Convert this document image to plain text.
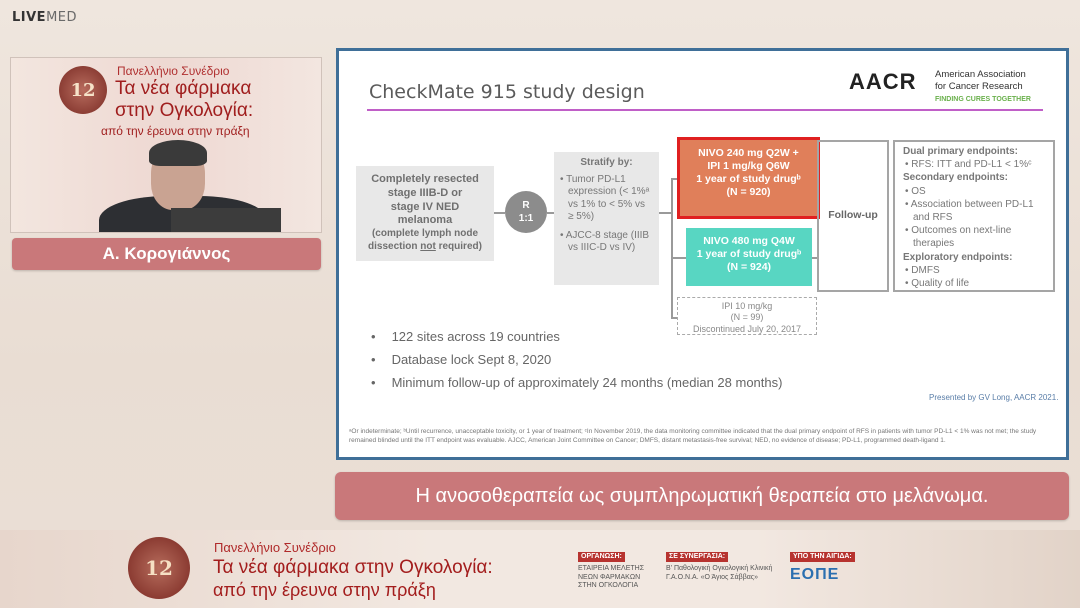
LIVEMED
12
Πανελλήνιο Συνέδριο
Τα νέα φάρμακα
στην Ογκολογία:
από την έρευνα στην πράξη
Α. Κορογιάννος
CheckMate 915 study design	AACR American Association
for Cancer Research
FINDING CURES TOGETHER
Completely resected
stage IIIB-D or
stage IV NED
melanoma
(complete lymph node
dissection not required)
R
1:1
Stratify by:
• Tumor PD-L1 expression (< 1%ᵃ vs 1% to < 5% vs ≥ 5%)
• AJCC-8 stage (IIIB vs IIIC-D vs IV)
NIVO 240 mg Q2W +
IPI 1 mg/kg Q6W
1 year of study drugᵇ
(N = 920)
NIVO 480 mg Q4W
1 year of study drugᵇ
(N = 924)
IPI 10 mg/kg
(N = 99)
Discontinued July 20, 2017
Follow-up
Dual primary endpoints:
• RFS: ITT and PD-L1 < 1%ᶜ
Secondary endpoints:
• OS
• Association between PD-L1 and RFS
• Outcomes on next-line therapies
Exploratory endpoints:
• DMFS
• Quality of life
• 122 sites across 19 countries
• Database lock Sept 8, 2020
• Minimum follow-up of approximately 24 months (median 28 months)
Presented by GV Long, AACR 2021.
ᵃOr indeterminate; ᵇUntil recurrence, unacceptable toxicity, or 1 year of treatment; ᶜIn November 2019, the data monitoring committee indicated that the dual primary endpoint of RFS in patients with tumor PD-L1 < 1% was not met; the study remained blinded until the ITT endpoint was evaluable. AJCC, American Joint Committee on Cancer; DMFS, distant metastasis-free survival; NED, no evidence of disease; PD-L1, programmed death-ligand 1.
Η ανοσοθεραπεία ως συμπληρωματική θεραπεία στο μελάνωμα.
12
Πανελλήνιο Συνέδριο
Τα νέα φάρμακα στην Ογκολογία:
από την έρευνα στην πράξη
ΟΡΓΑΝΩΣΗ:
ΕΤΑΙΡΕΙΑ ΜΕΛΕΤΗΣ ΝΕΩΝ ΦΑΡΜΑΚΩΝ ΣΤΗΝ ΟΓΚΟΛΟΓΙΑ
ΣΕ ΣΥΝΕΡΓΑΣΙΑ:
Β' Παθολογική Ογκολογική Κλινική Γ.Α.Ο.Ν.Α. «Ο Άγιος Σάββας»
ΥΠΟ ΤΗΝ ΑΙΓΙΔΑ:
ΕΟΠΕ
